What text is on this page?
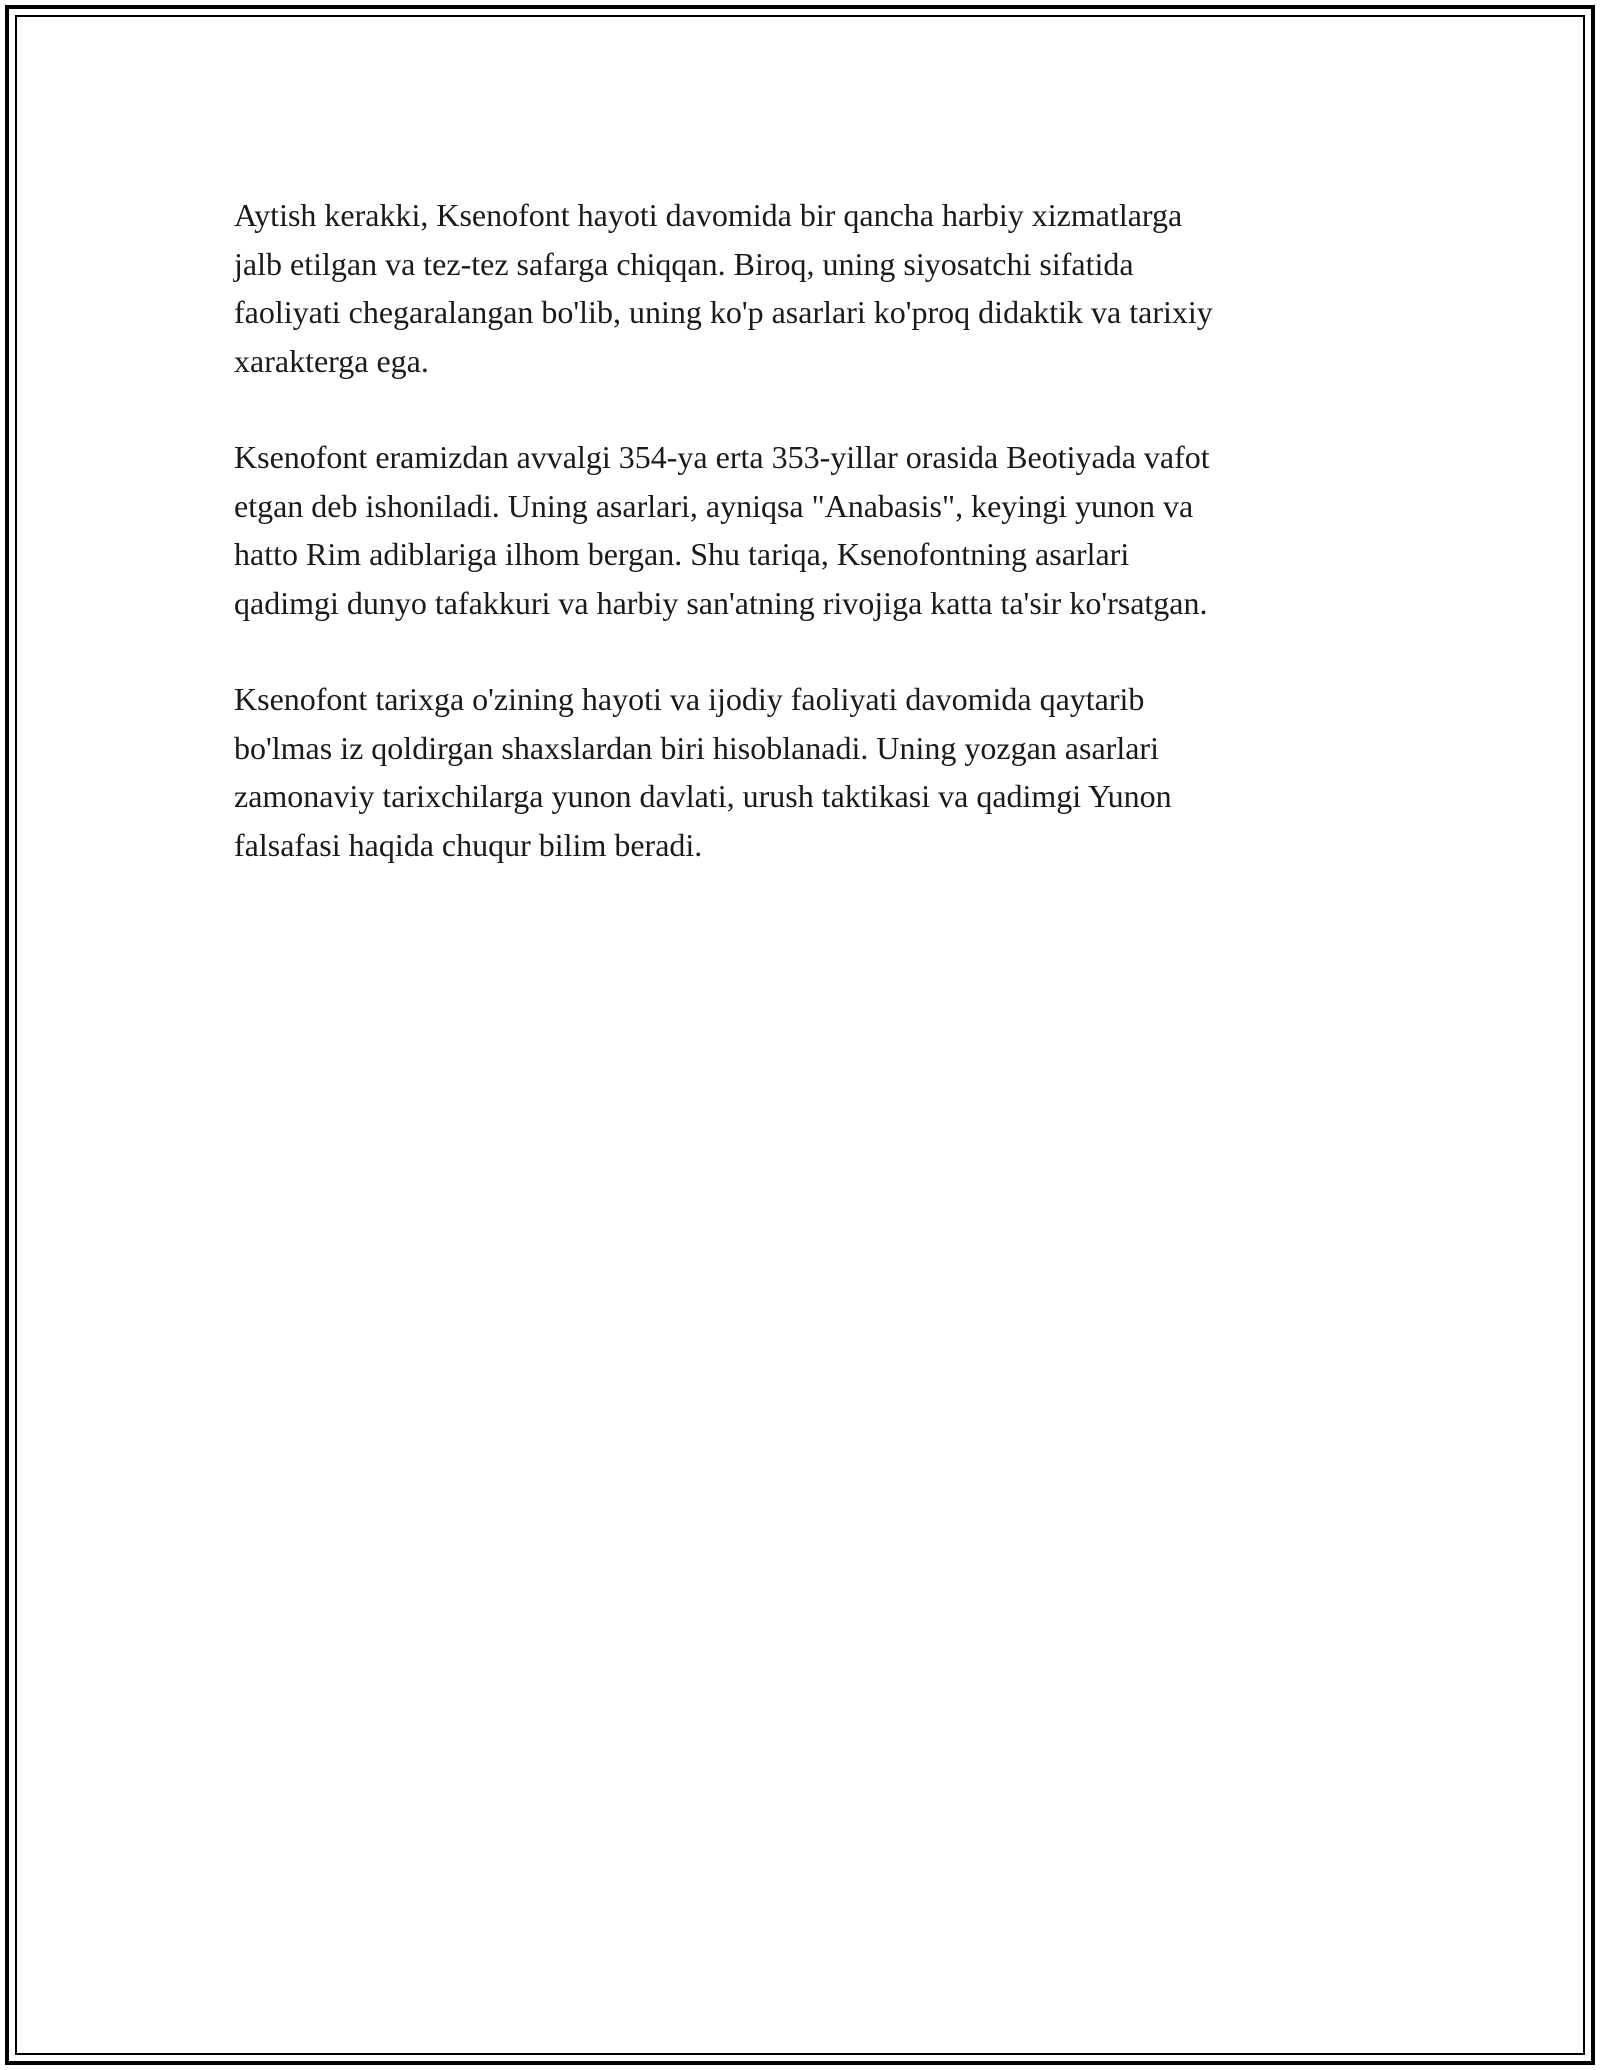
Aytish kerakki, Ksenofont hayoti davomida bir qancha harbiy xizmatlarga
jalb etilgan va tez-tez safarga chiqqan. Biroq, uning siyosatchi sifatida
faoliyati chegaralangan bo'lib, uning ko'p asarlari ko'proq didaktik va tarixiy
xarakterga ega.

Ksenofont eramizdan avvalgi 354-ya erta 353-yillar orasida Beotiyada vafot
etgan deb ishoniladi. Uning asarlari, ayniqsa "Anabasis", keyingi yunon va
hatto Rim adiblariga ilhom bergan. Shu tariqa, Ksenofontning asarlari
qadimgi dunyo tafakkuri va harbiy san'atning rivojiga katta ta'sir ko'rsatgan.

Ksenofont tarixga o'zining hayoti va ijodiy faoliyati davomida qaytarib
bo'lmas iz qoldirgan shaxslardan biri hisoblanadi. Uning yozgan asarlari
zamonaviy tarixchilarga yunon davlati, urush taktikasi va qadimgi Yunon
falsafasi haqida chuqur bilim beradi.
